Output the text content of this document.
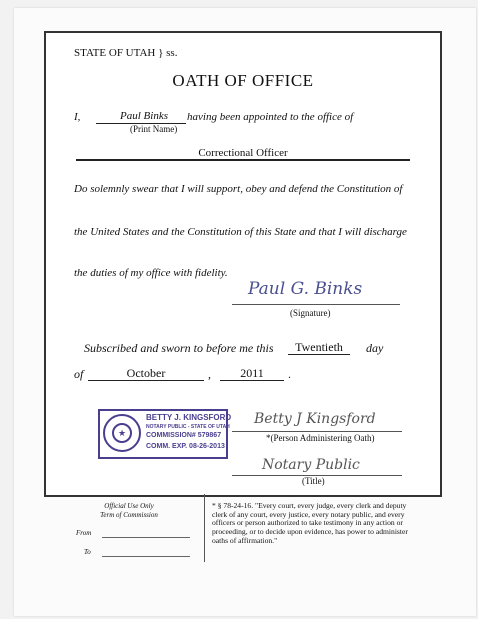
STATE OF UTAH } ss.
OATH OF OFFICE
I,	Paul Binks	having been appointed to the office of
(Print Name)
Correctional Officer
Do solemnly swear that I will support, obey and defend the Constitution of
the United States and the Constitution of this State and that I will discharge
the duties of my office with fidelity.
Paul G. Binks
(Signature)
Subscribed and sworn to before me this	Twentieth	day
of	October	,	2011	.
★
BETTY J. KINGSFORD
NOTARY PUBLIC - STATE OF UTAH
COMMISSION# 579867
COMM. EXP. 08-26-2013
Betty J Kingsford
*(Person Administering Oath)
Notary Public
(Title)
Official Use Only
Term of Commission
From
To
* § 78-24-16. "Every court, every judge, every clerk and deputy clerk of any court, every justice, every notary public, and every officers or person authorized to take testimony in any action or proceeding, or to decide upon evidence, has power to administer oaths of affirmation."
